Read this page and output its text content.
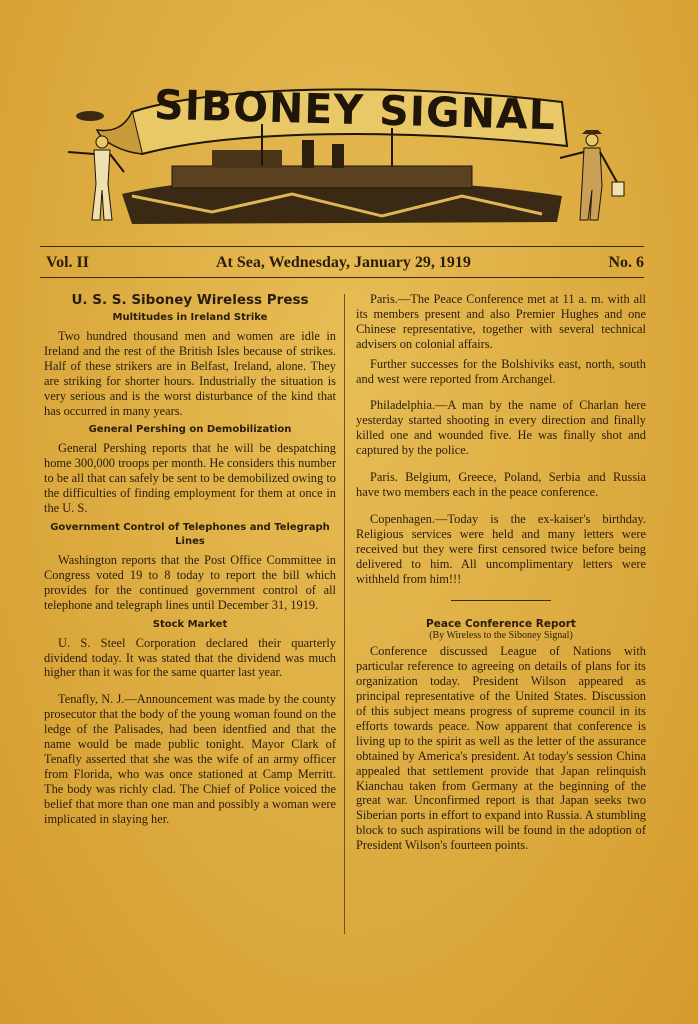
SIBONEY SIGNAL
Vol. II	At Sea, Wednesday, January 29, 1919	No. 6
U. S. S. Siboney Wireless Press
Multitudes in Ireland Strike

Two hundred thousand men and women are idle in Ireland and the rest of the British Isles because of strikes. Half of these strikers are in Belfast, Ireland, alone. They are striking for shorter hours. Industrially the situation is very serious and is the worst disturbance of the kind that has occurred in many years.

General Pershing on Demobilization

General Pershing reports that he will be despatching home 300,000 troops per month. He considers this number to be all that can safely be sent to be demobilized owing to the difficulties of finding employment for them at once in the U. S.

Government Control of Telephones and Telegraph Lines

Washington reports that the Post Office Committee in Congress voted 19 to 8 today to report the bill which provides for the continued government control of all telephone and telegraph lines until December 31, 1919.

Stock Market

U. S. Steel Corporation declared their quarterly dividend today. It was stated that the dividend was much higher than it was for the same quarter last year.

Tenafly, N. J.—Announcement was made by the county prosecutor that the body of the young woman found on the ledge of the Palisades, had been identfied and that the name would be made public tonight. Mayor Clark of Tenafly asserted that she was the wife of an army officer from Florida, who was once stationed at Camp Merritt. The body was richly clad. The Chief of Police voiced the belief that more than one man and possibly a woman were implicated in slaying her.

Paris.—The Peace Conference met at 11 a. m. with all its members present and also Premier Hughes and one Chinese representative, together with several technical advisers on colonial affairs.

Further successes for the Bolshiviks east, north, south and west were reported from Archangel.

Philadelphia.—A man by the name of Charlan here yesterday started shooting in every direction and finally killed one and wounded five. He was finally shot and captured by the police.

Paris. Belgium, Greece, Poland, Serbia and Russia have two members each in the peace conference.

Copenhagen.—Today is the ex-kaiser's birthday. Religious services were held and many letters were received but they were first censored twice before being delivered to him. All uncomplimentary letters were withheld from him!!!

Peace Conference Report
(By Wireless to the Siboney Signal)

Conference discussed League of Nations with particular reference to agreeing on details of plans for its organization today. President Wilson appeared as principal representative of the United States. Discussion of this subject means progress of supreme council in its efforts towards peace. Now apparent that conference is living up to the spirit as well as the letter of the assurance obtained by America's president. At today's session China appealed that settlement provide that Japan relinquish Kianchau taken from Germany at the beginning of the great war. Unconfirmed report is that Japan seeks two Siberian ports in effort to expand into Russia. A stumbling block to such aspirations will be found in the adoption of President Wilson's fourteen points.
